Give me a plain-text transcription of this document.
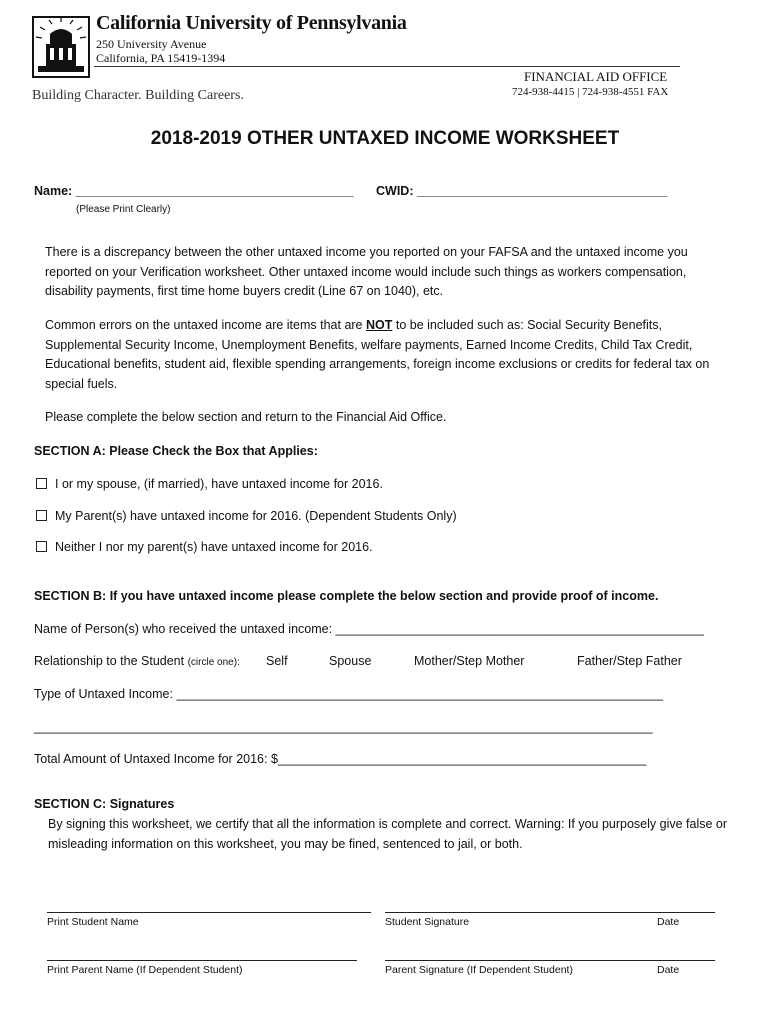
California University of Pennsylvania
250 University Avenue
California, PA 15419-1394
Building Character. Building Careers.
FINANCIAL AID OFFICE
724-938-4415 | 724-938-4551 FAX
2018-2019 OTHER UNTAXED INCOME WORKSHEET
Name: ________________________________________ CWID: ____________________________________
(Please Print Clearly)
There is a discrepancy between the other untaxed income you reported on your FAFSA and the untaxed income you reported on your Verification worksheet. Other untaxed income would include such things as workers compensation, disability payments, first time home buyers credit (Line 67 on 1040), etc.
Common errors on the untaxed income are items that are NOT to be included such as: Social Security Benefits, Supplemental Security Income, Unemployment Benefits, welfare payments, Earned Income Credits, Child Tax Credit, Educational benefits, student aid, flexible spending arrangements, foreign income exclusions or credits for federal tax on special fuels.
Please complete the below section and return to the Financial Aid Office.
SECTION A: Please Check the Box that Applies:
I or my spouse, (if married), have untaxed income for 2016.
My Parent(s) have untaxed income for 2016. (Dependent Students Only)
Neither I nor my parent(s) have untaxed income for 2016.
SECTION B: If you have untaxed income please complete the below section and provide proof of income.
Name of Person(s) who received the untaxed income: _____________________________________________________
Relationship to the Student (circle one): Self	Spouse	Mother/Step Mother	Father/Step Father
Type of Untaxed Income: ______________________________________________________________________
_________________________________________________________________________________________
Total Amount of Untaxed Income for 2016: $_____________________________________________________
SECTION C: Signatures
By signing this worksheet, we certify that all the information is complete and correct. Warning: If you purposely give false or misleading information on this worksheet, you may be fined, sentenced to jail, or both.
Print Student Name	Student Signature	Date
Print Parent Name (If Dependent Student)	Parent Signature (If Dependent Student)	Date
